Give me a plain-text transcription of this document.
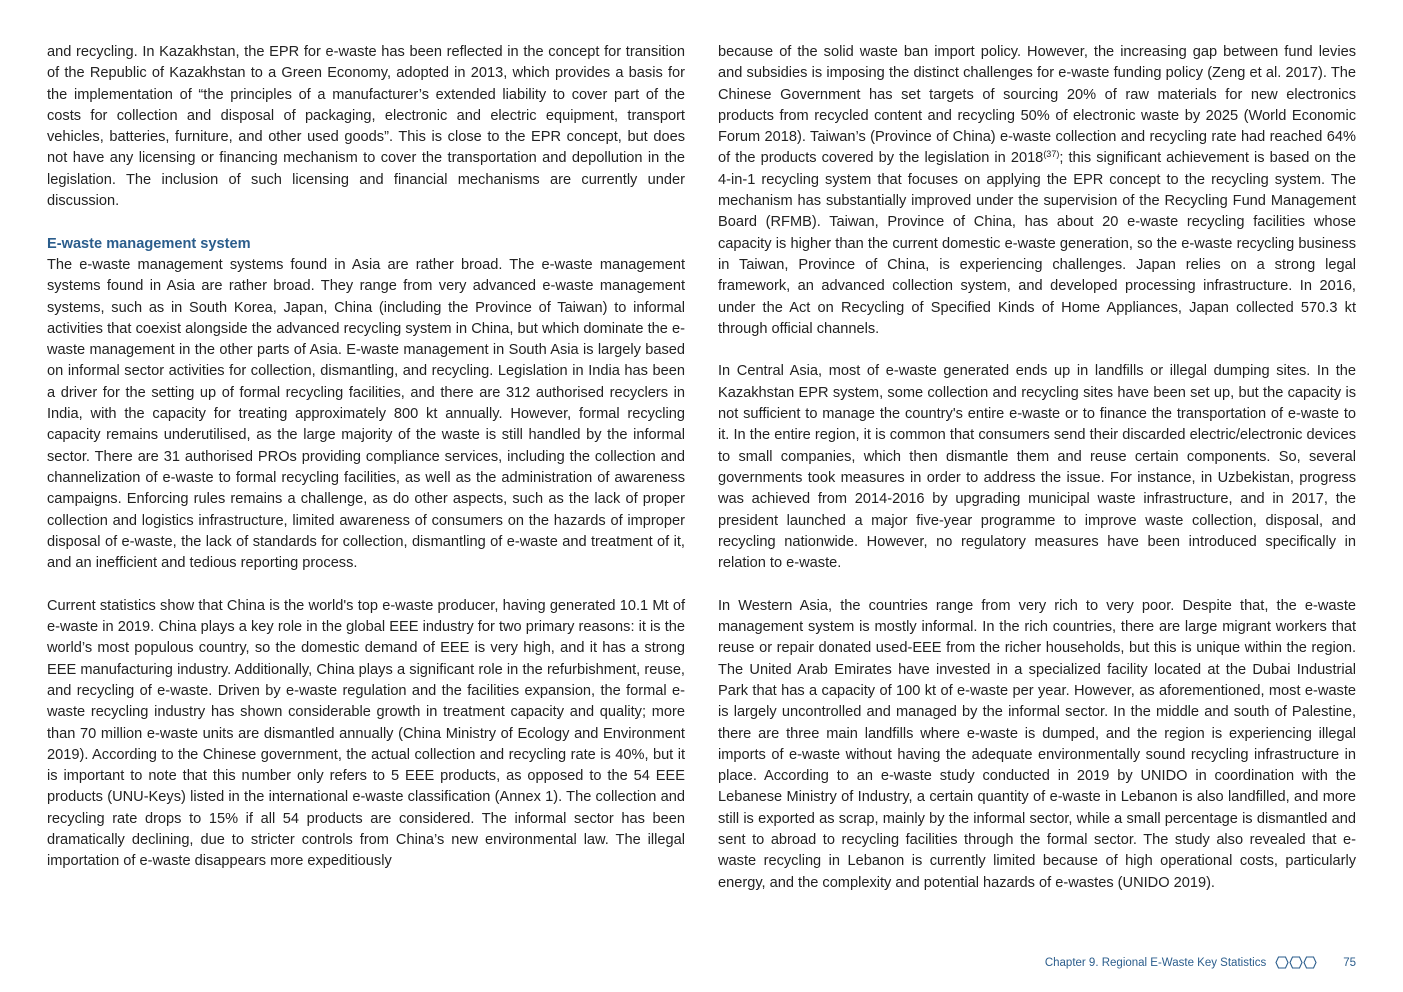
and recycling. In Kazakhstan, the EPR for e-waste has been reflected in the concept for transition of the Republic of Kazakhstan to a Green Economy, adopted in 2013, which provides a basis for the implementation of “the principles of a manufacturer’s extended liability to cover part of the costs for collection and disposal of packaging, electronic and electric equipment, transport vehicles, batteries, furniture, and other used goods”. This is close to the EPR concept, but does not have any licensing or financing mechanism to cover the transportation and depollution in the legislation. The inclusion of such licensing and financial mechanisms are currently under discussion.

E-waste management system

The e-waste management systems found in Asia are rather broad. The e-waste management systems found in Asia are rather broad. They range from very advanced e-waste management systems, such as in South Korea, Japan, China (including the Province of Taiwan) to informal activities that coexist alongside the advanced recycling system in China, but which dominate the e-waste management in the other parts of Asia. E-waste management in South Asia is largely based on informal sector activities for collection, dismantling, and recycling. Legislation in India has been a driver for the setting up of formal recycling facilities, and there are 312 authorised recyclers in India, with the capacity for treating approximately 800 kt annually. However, formal recycling capacity remains underutilised, as the large majority of the waste is still handled by the informal sector. There are 31 authorised PROs providing compliance services, including the collection and channelization of e-waste to formal recycling facilities, as well as the administration of awareness campaigns. Enforcing rules remains a challenge, as do other aspects, such as the lack of proper collection and logistics infrastructure, limited awareness of consumers on the hazards of improper disposal of e-waste, the lack of standards for collection, dismantling of e-waste and treatment of it, and an inefficient and tedious reporting process.

Current statistics show that China is the world's top e-waste producer, having generated 10.1 Mt of e-waste in 2019. China plays a key role in the global EEE industry for two primary reasons: it is the world’s most populous country, so the domestic demand of EEE is very high, and it has a strong EEE manufacturing industry. Additionally, China plays a significant role in the refurbishment, reuse, and recycling of e-waste. Driven by e-waste regulation and the facilities expansion, the formal e-waste recycling industry has shown considerable growth in treatment capacity and quality; more than 70 million e-waste units are dismantled annually (China Ministry of Ecology and Environment 2019). According to the Chinese government, the actual collection and recycling rate is 40%, but it is important to note that this number only refers to 5 EEE products, as opposed to the 54 EEE products (UNU-Keys) listed in the international e-waste classification (Annex 1). The collection and recycling rate drops to 15% if all 54 products are considered. The informal sector has been dramatically declining, due to stricter controls from China’s new environmental law. The illegal importation of e-waste disappears more expeditiously

because of the solid waste ban import policy. However, the increasing gap between fund levies and subsidies is imposing the distinct challenges for e-waste funding policy (Zeng et al. 2017). The Chinese Government has set targets of sourcing 20% of raw materials for new electronics products from recycled content and recycling 50% of electronic waste by 2025 (World Economic Forum 2018). Taiwan’s (Province of China) e-waste collection and recycling rate had reached 64% of the products covered by the legislation in 2018$^{(37)}$; this significant achievement is based on the 4-in-1 recycling system that focuses on applying the EPR concept to the recycling system. The mechanism has substantially improved under the supervision of the Recycling Fund Management Board (RFMB). Taiwan, Province of China, has about 20 e-waste recycling facilities whose capacity is higher than the current domestic e-waste generation, so the e-waste recycling business in Taiwan, Province of China, is experiencing challenges. Japan relies on a strong legal framework, an advanced collection system, and developed processing infrastructure. In 2016, under the Act on Recycling of Specified Kinds of Home Appliances, Japan collected 570.3 kt through official channels.

In Central Asia, most of e-waste generated ends up in landfills or illegal dumping sites. In the Kazakhstan EPR system, some collection and recycling sites have been set up, but the capacity is not sufficient to manage the country's entire e-waste or to finance the transportation of e-waste to it. In the entire region, it is common that consumers send their discarded electric/electronic devices to small companies, which then dismantle them and reuse certain components. So, several governments took measures in order to address the issue. For instance, in Uzbekistan, progress was achieved from 2014-2016 by upgrading municipal waste infrastructure, and in 2017, the president launched a major five-year programme to improve waste collection, disposal, and recycling nationwide. However, no regulatory measures have been introduced specifically in relation to e-waste.

In Western Asia, the countries range from very rich to very poor. Despite that, the e-waste management system is mostly informal. In the rich countries, there are large migrant workers that reuse or repair donated used-EEE from the richer households, but this is unique within the region. The United Arab Emirates have invested in a specialized facility located at the Dubai Industrial Park that has a capacity of 100 kt of e-waste per year. However, as aforementioned, most e-waste is largely uncontrolled and managed by the informal sector. In the middle and south of Palestine, there are three main landfills where e-waste is dumped, and the region is experiencing illegal imports of e-waste without having the adequate environmentally sound recycling infrastructure in place. According to an e-waste study conducted in 2019 by UNIDO in coordination with the Lebanese Ministry of Industry, a certain quantity of e-waste in Lebanon is also landfilled, and more still is exported as scrap, mainly by the informal sector, while a small percentage is dismantled and sent to abroad to recycling facilities through the formal sector. The study also revealed that e-waste recycling in Lebanon is currently limited because of high operational costs, particularly energy, and the complexity and potential hazards of e-wastes (UNIDO 2019).

Chapter 9. Regional E-Waste Key Statistics	75
